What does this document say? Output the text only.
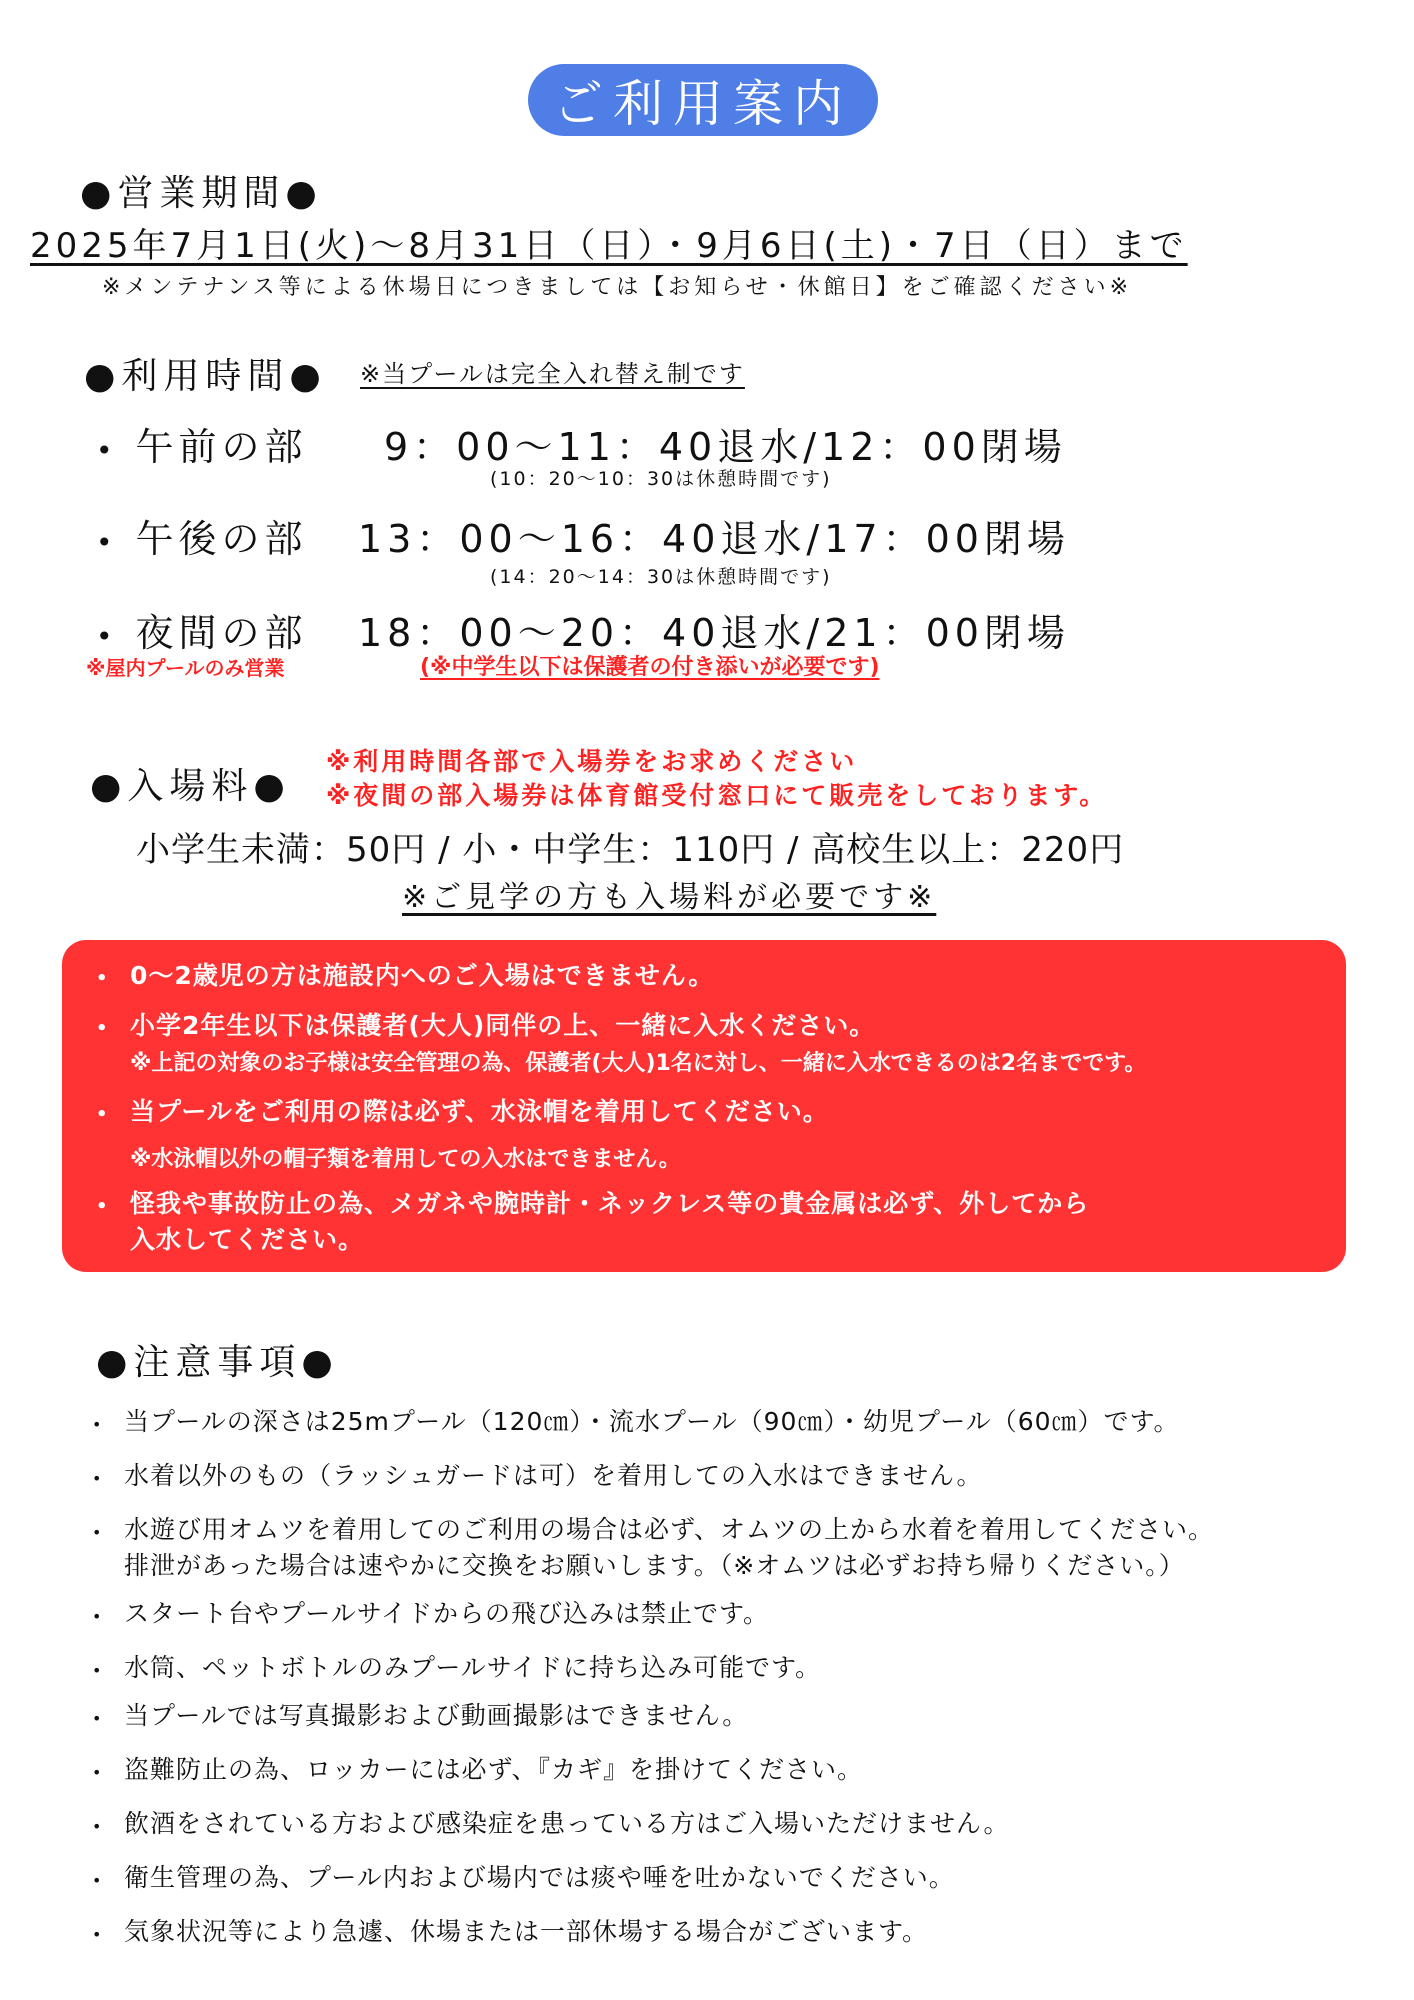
ご利用案内
●営業期間●
2025年7月1日(火)～8月31日（日）・9月6日(土)・7日（日）まで
※メンテナンス等による休場日につきましては【お知らせ・休館日】をご確認ください※
●利用時間● ※当プールは完全入れ替え制です
• 午前の部 9：00～11：40退水/12：00閉場
(10：20～10：30は休憩時間です)
• 午後の部 13：00～16：40退水/17：00閉場
(14：20～14：30は休憩時間です)
• 夜間の部 18：00～20：40退水/21：00閉場
※屋内プールのみ営業	(※中学生以下は保護者の付き添いが必要です)
●入場料●
※利用時間各部で入場券をお求めください
※夜間の部入場券は体育館受付窓口にて販売をしております。
小学生未満：50円 / 小・中学生：110円 / 高校生以上：220円
※ご見学の方も入場料が必要です※
• 0～2歳児の方は施設内へのご入場はできません。
• 小学2年生以下は保護者(大人)同伴の上、一緒に入水ください。
※上記の対象のお子様は安全管理の為、保護者(大人)1名に対し、一緒に入水できるのは2名までです。
• 当プールをご利用の際は必ず、水泳帽を着用してください。
※水泳帽以外の帽子類を着用しての入水はできません。
• 怪我や事故防止の為、メガネや腕時計・ネックレス等の貴金属は必ず、外してから
入水してください。
●注意事項●
• 当プールの深さは25mプール（120㎝）・流水プール（90㎝）・幼児プール（60㎝）です。
• 水着以外のもの（ラッシュガードは可）を着用しての入水はできません。
• 水遊び用オムツを着用してのご利用の場合は必ず、オムツの上から水着を着用してください。
排泄があった場合は速やかに交換をお願いします。（※オムツは必ずお持ち帰りください。）
• スタート台やプールサイドからの飛び込みは禁止です。
• 水筒、ペットボトルのみプールサイドに持ち込み可能です。
• 当プールでは写真撮影および動画撮影はできません。
• 盗難防止の為、ロッカーには必ず、『カギ』を掛けてください。
• 飲酒をされている方および感染症を患っている方はご入場いただけません。
• 衛生管理の為、プール内および場内では痰や唾を吐かないでください。
• 気象状況等により急遽、休場または一部休場する場合がございます。
